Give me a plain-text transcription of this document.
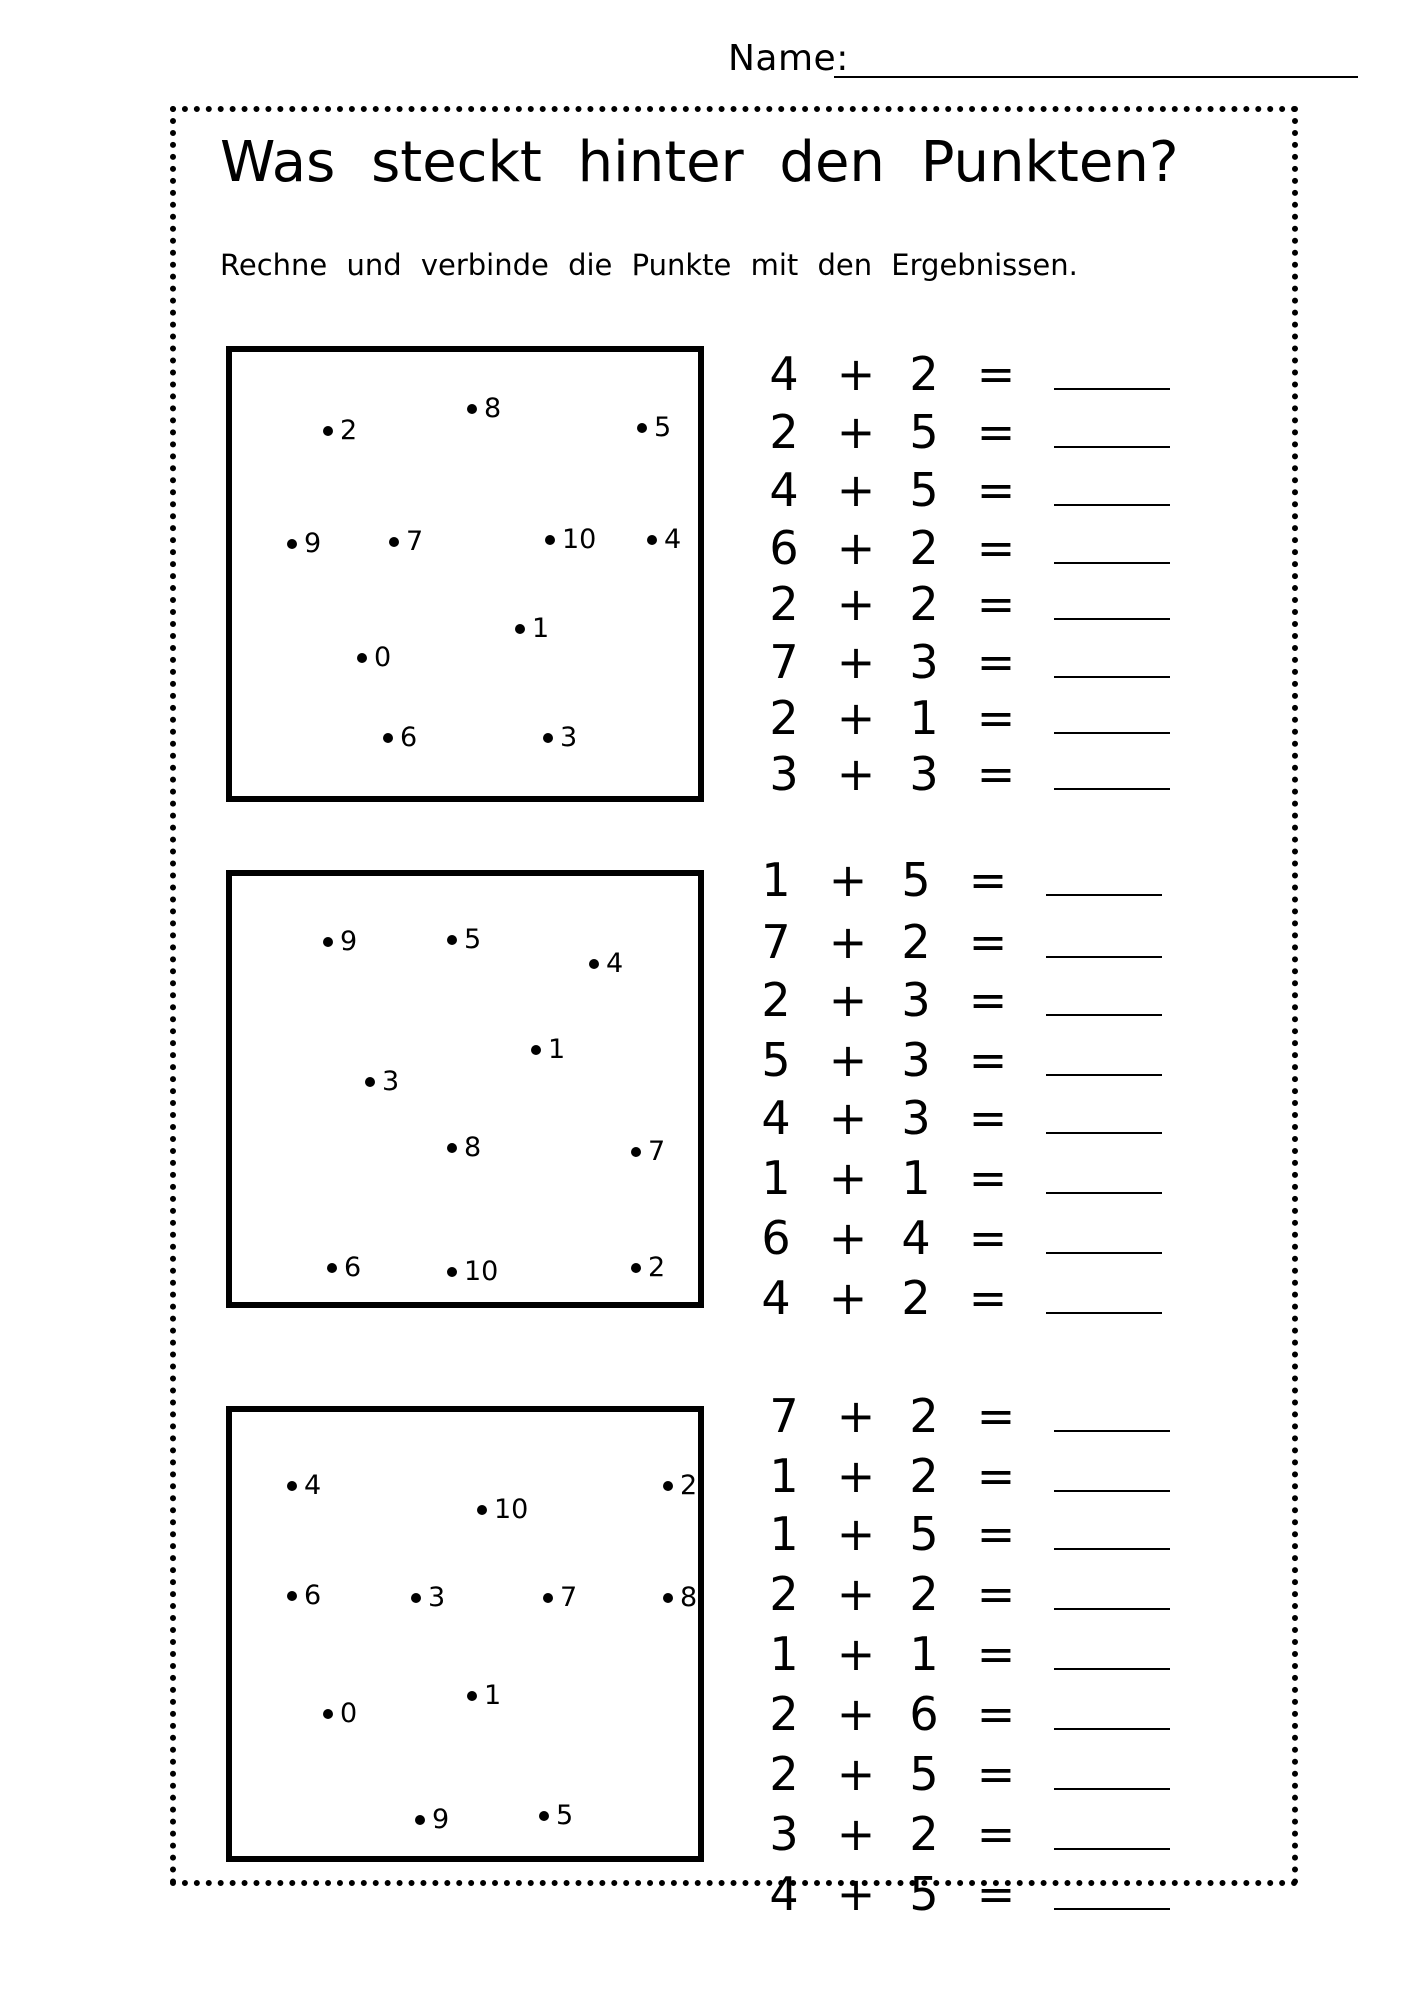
Name:
Was steckt hinter den Punkten?
Rechne und verbinde die Punkte mit den Ergebnissen.
2
8
5
9	7	10	4
1
0
6	3
4 + 2 =
2 + 5 =
4 + 5 =
6 + 2 =
2 + 2 =
7 + 3 =
2 + 1 =
3 + 3 =
9	5
4
1
3
8	7
6	10	2
1 + 5 =
7 + 2 =
2 + 3 =
5 + 3 =
4 + 3 =
1 + 1 =
6 + 4 =
4 + 2 =
4
10
2
6	3	7	8
0
1
9	5
7 + 2 =
1 + 2 =
1 + 5 =
2 + 2 =
1 + 1 =
2 + 6 =
2 + 5 =
3 + 2 =
4 + 5 =
